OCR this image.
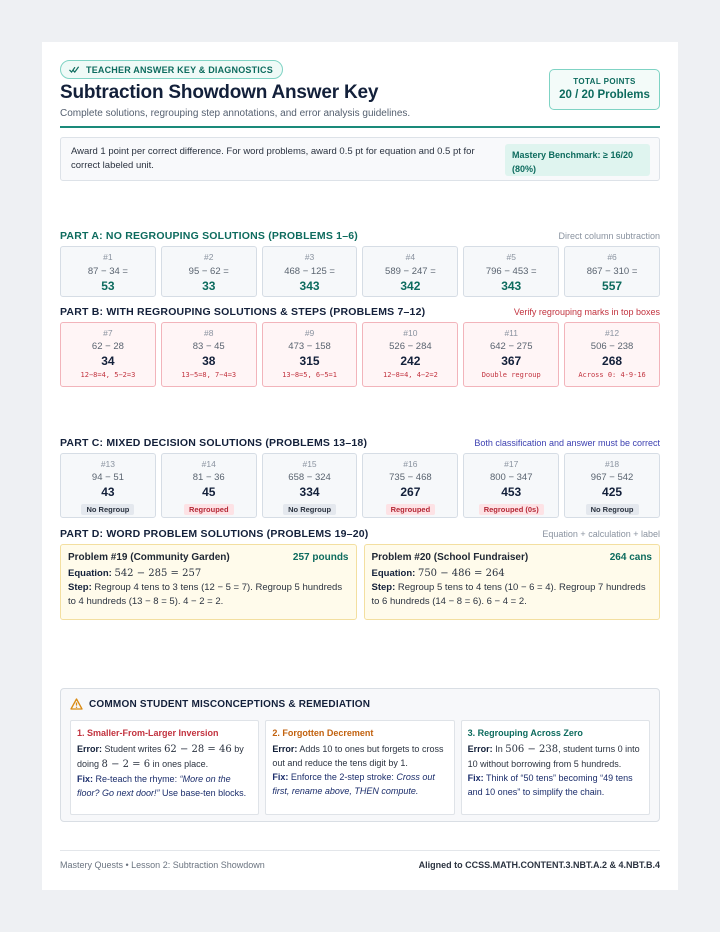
TEACHER ANSWER KEY & DIAGNOSTICS
Subtraction Showdown Answer Key
Complete solutions, regrouping step annotations, and error analysis guidelines.
TOTAL POINTS
20 / 20 Problems
Award 1 point per correct difference. For word problems, award 0.5 pt for equation and 0.5 pt for correct labeled unit.
Mastery Benchmark: ≥ 16/20
(80%)
PART A: NO REGROUPING SOLUTIONS (PROBLEMS 1–6)	Direct column subtraction
#1
87 − 34 =
53
#2
95 − 62 =
33
#3
468 − 125 =
343
#4
589 − 247 =
342
#5
796 − 453 =
343
#6
867 − 310 =
557
PART B: WITH REGROUPING SOLUTIONS & STEPS (PROBLEMS 7–12)	Verify regrouping marks in top boxes
#7
62 − 28
34
12−8=4, 5−2=3
#8
83 − 45
38
13−5=8, 7−4=3
#9
473 − 158
315
13−8=5, 6−5=1
#10
526 − 284
242
12−8=4, 4−2=2
#11
642 − 275
367
Double regroup
#12
506 − 238
268
Across 0: 4-9-16
PART C: MIXED DECISION SOLUTIONS (PROBLEMS 13–18)	Both classification and answer must be correct
#13
94 − 51
43
No Regroup
#14
81 − 36
45
Regrouped
#15
658 − 324
334
No Regroup
#16
735 − 468
267
Regrouped
#17
800 − 347
453
Regrouped (0s)
#18
967 − 542
425
No Regroup
PART D: WORD PROBLEM SOLUTIONS (PROBLEMS 19–20)	Equation + calculation + label
Problem #19 (Community Garden)	257 pounds
Equation: 542 − 285 = 257
Step: Regroup 4 tens to 3 tens (12 − 5 = 7). Regroup 5 hundreds to 4 hundreds (13 − 8 = 5). 4 − 2 = 2.
Problem #20 (School Fundraiser)	264 cans
Equation: 750 − 486 = 264
Step: Regroup 5 tens to 4 tens (10 − 6 = 4). Regroup 7 hundreds to 6 hundreds (14 − 8 = 6). 6 − 4 = 2.
COMMON STUDENT MISCONCEPTIONS & REMEDIATION
1. Smaller-From-Larger Inversion
Error: Student writes 62 − 28 = 46 by doing 8 − 2 = 6 in ones place.
Fix: Re-teach the rhyme: “More on the floor? Go next door!” Use base-ten blocks.
2. Forgotten Decrement
Error: Adds 10 to ones but forgets to cross out and reduce the tens digit by 1.
Fix: Enforce the 2-step stroke: Cross out first, rename above, THEN compute.
3. Regrouping Across Zero
Error: In 506 − 238, student turns 0 into 10 without borrowing from 5 hundreds.
Fix: Think of “50 tens” becoming “49 tens and 10 ones” to simplify the chain.
Mastery Quests • Lesson 2: Subtraction Showdown	Aligned to CCSS.MATH.CONTENT.3.NBT.A.2 & 4.NBT.B.4
